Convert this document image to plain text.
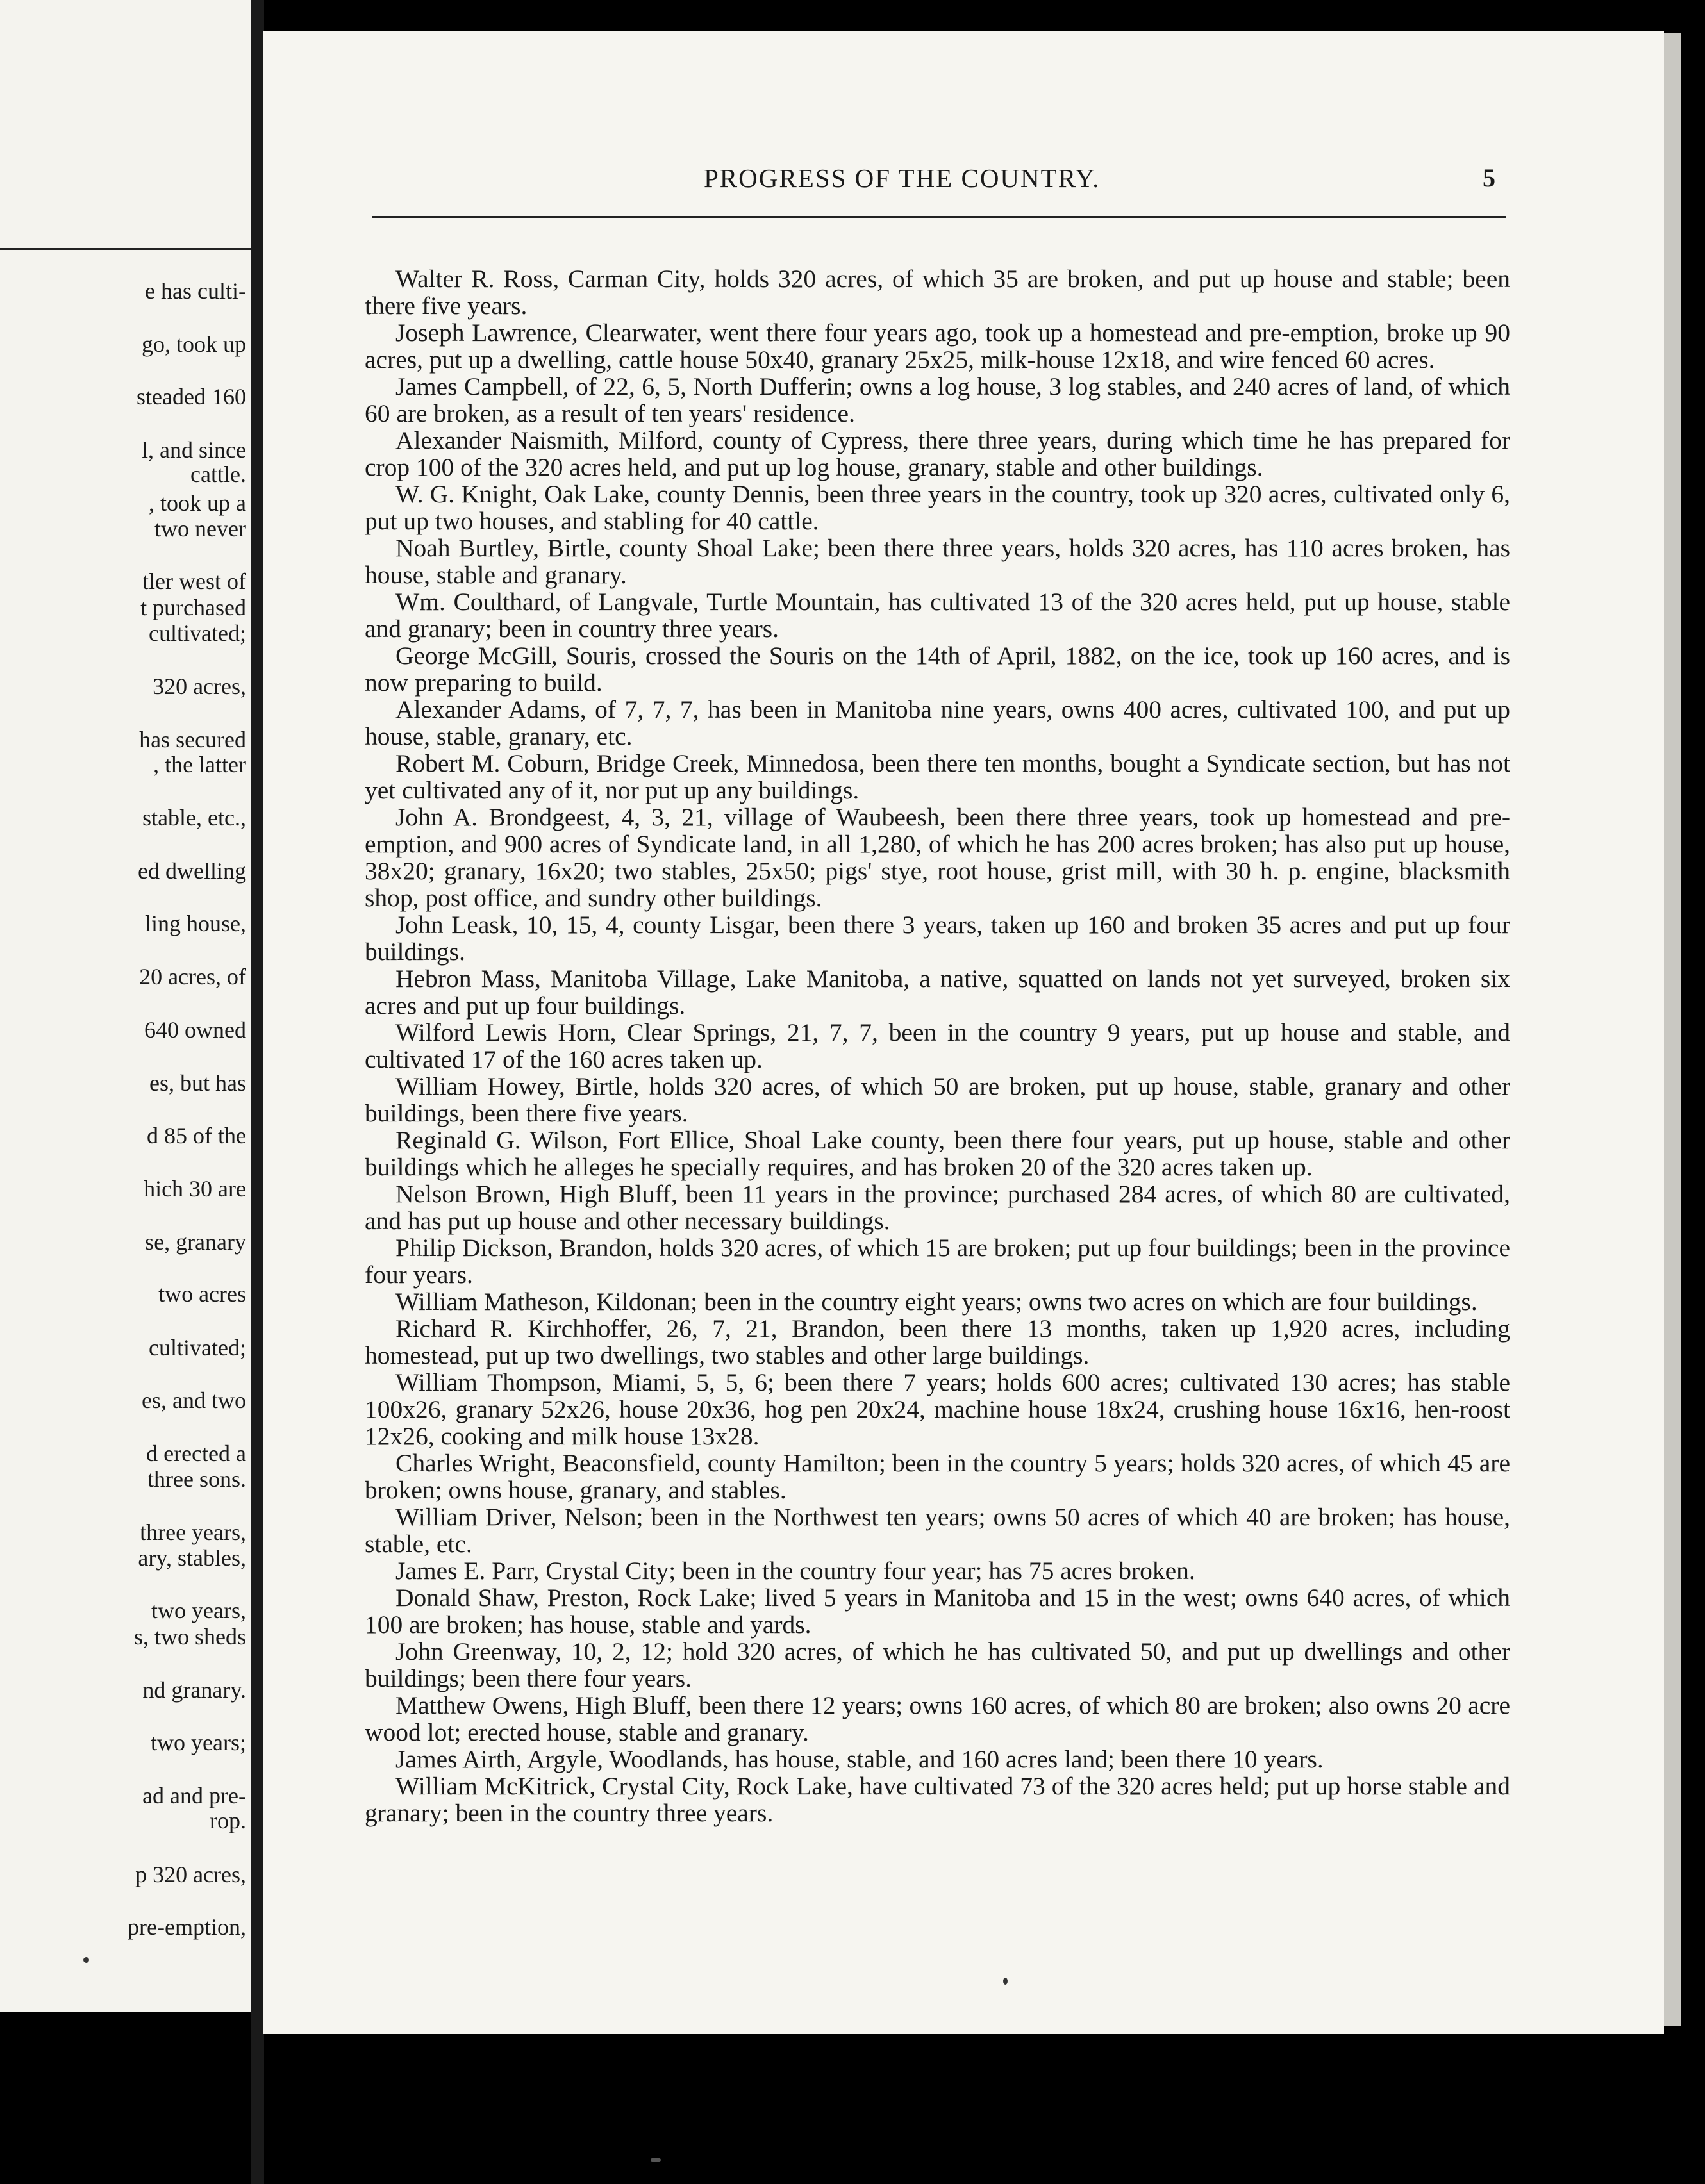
e has culti-
go, took up
steaded 160
l, and since
cattle.
, took up a
two never
tler west of
t purchased
cultivated;
320 acres,
has secured
, the latter
stable, etc.,
ed dwelling
ling house,
20 acres, of
640 owned
es, but has
d 85 of the
hich 30 are
se, granary
two acres
cultivated;
es, and two
d erected a
three sons.
three years,
ary, stables,
two years,
s, two sheds
nd granary.
two years;
ad and pre-
rop.
p 320 acres,
pre-emption,
PROGRESS OF THE COUNTRY.	5

Walter R. Ross, Carman City, holds 320 acres, of which 35 are broken, and put up house and stable; been there five years.

Joseph Lawrence, Clearwater, went there four years ago, took up a homestead and pre-emption, broke up 90 acres, put up a dwelling, cattle house 50x40, granary 25x25, milk-house 12x18, and wire fenced 60 acres.

James Campbell, of 22, 6, 5, North Dufferin; owns a log house, 3 log stables, and 240 acres of land, of which 60 are broken, as a result of ten years' residence.

Alexander Naismith, Milford, county of Cypress, there three years, during which time he has prepared for crop 100 of the 320 acres held, and put up log house, granary, stable and other buildings.

W. G. Knight, Oak Lake, county Dennis, been three years in the country, took up 320 acres, cultivated only 6, put up two houses, and stabling for 40 cattle.

Noah Burtley, Birtle, county Shoal Lake; been there three years, holds 320 acres, has 110 acres broken, has house, stable and granary.

Wm. Coulthard, of Langvale, Turtle Mountain, has cultivated 13 of the 320 acres held, put up house, stable and granary; been in country three years.

George McGill, Souris, crossed the Souris on the 14th of April, 1882, on the ice, took up 160 acres, and is now preparing to build.

Alexander Adams, of 7, 7, 7, has been in Manitoba nine years, owns 400 acres, cultivated 100, and put up house, stable, granary, etc.

Robert M. Coburn, Bridge Creek, Minnedosa, been there ten months, bought a Syndicate section, but has not yet cultivated any of it, nor put up any buildings.

John A. Brondgeest, 4, 3, 21, village of Waubeesh, been there three years, took up homestead and pre-emption, and 900 acres of Syndicate land, in all 1,280, of which he has 200 acres broken; has also put up house, 38x20; granary, 16x20; two stables, 25x50; pigs' stye, root house, grist mill, with 30 h. p. engine, blacksmith shop, post office, and sundry other buildings.

John Leask, 10, 15, 4, county Lisgar, been there 3 years, taken up 160 and broken 35 acres and put up four buildings.

Hebron Mass, Manitoba Village, Lake Manitoba, a native, squatted on lands not yet surveyed, broken six acres and put up four buildings.

Wilford Lewis Horn, Clear Springs, 21, 7, 7, been in the country 9 years, put up house and stable, and cultivated 17 of the 160 acres taken up.

William Howey, Birtle, holds 320 acres, of which 50 are broken, put up house, stable, granary and other buildings, been there five years.

Reginald G. Wilson, Fort Ellice, Shoal Lake county, been there four years, put up house, stable and other buildings which he alleges he specially requires, and has broken 20 of the 320 acres taken up.

Nelson Brown, High Bluff, been 11 years in the province; purchased 284 acres, of which 80 are cultivated, and has put up house and other necessary buildings.

Philip Dickson, Brandon, holds 320 acres, of which 15 are broken; put up four buildings; been in the province four years.

William Matheson, Kildonan; been in the country eight years; owns two acres on which are four buildings.

Richard R. Kirchhoffer, 26, 7, 21, Brandon, been there 13 months, taken up 1,920 acres, including homestead, put up two dwellings, two stables and other large buildings.

William Thompson, Miami, 5, 5, 6; been there 7 years; holds 600 acres; cultivated 130 acres; has stable 100x26, granary 52x26, house 20x36, hog pen 20x24, machine house 18x24, crushing house 16x16, hen-roost 12x26, cooking and milk house 13x28.

Charles Wright, Beaconsfield, county Hamilton; been in the country 5 years; holds 320 acres, of which 45 are broken; owns house, granary, and stables.

William Driver, Nelson; been in the Northwest ten years; owns 50 acres of which 40 are broken; has house, stable, etc.

James E. Parr, Crystal City; been in the country four year; has 75 acres broken.

Donald Shaw, Preston, Rock Lake; lived 5 years in Manitoba and 15 in the west; owns 640 acres, of which 100 are broken; has house, stable and yards.

John Greenway, 10, 2, 12; hold 320 acres, of which he has cultivated 50, and put up dwellings and other buildings; been there four years.

Matthew Owens, High Bluff, been there 12 years; owns 160 acres, of which 80 are broken; also owns 20 acre wood lot; erected house, stable and granary.

James Airth, Argyle, Woodlands, has house, stable, and 160 acres land; been there 10 years.

William McKitrick, Crystal City, Rock Lake, have cultivated 73 of the 320 acres held; put up horse stable and granary; been in the country three years.
